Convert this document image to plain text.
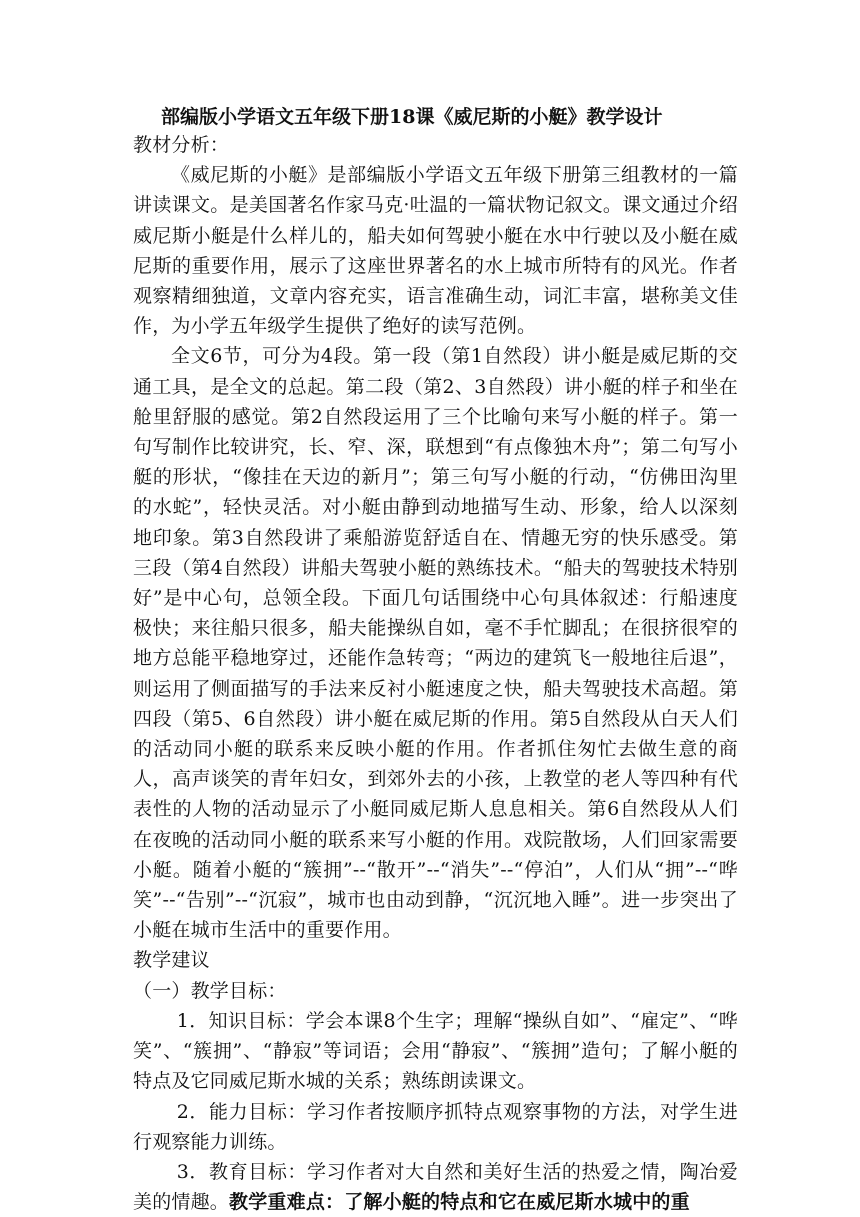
部编版小学语文五年级下册18课《威尼斯的小艇》教学设计

教材分析：

《威尼斯的小艇》是部编版小学语文五年级下册第三组教材的一篇讲读课文。是美国著名作家马克·吐温的一篇状物记叙文。课文通过介绍威尼斯小艇是什么样儿的，船夫如何驾驶小艇在水中行驶以及小艇在威尼斯的重要作用，展示了这座世界著名的水上城市所特有的风光。作者观察精细独道，文章内容充实，语言准确生动，词汇丰富，堪称美文佳作，为小学五年级学生提供了绝好的读写范例。

全文6节，可分为4段。第一段（第1自然段）讲小艇是威尼斯的交通工具，是全文的总起。第二段（第2、3自然段）讲小艇的样子和坐在舱里舒服的感觉。第2自然段运用了三个比喻句来写小艇的样子。第一句写制作比较讲究，长、窄、深，联想到“有点像独木舟”；第二句写小艇的形状，“像挂在天边的新月”；第三句写小艇的行动，“仿佛田沟里的水蛇”，轻快灵活。对小艇由静到动地描写生动、形象，给人以深刻地印象。第3自然段讲了乘船游览舒适自在、情趣无穷的快乐感受。第三段（第4自然段）讲船夫驾驶小艇的熟练技术。“船夫的驾驶技术特别好”是中心句，总领全段。下面几句话围绕中心句具体叙述：行船速度极快；来往船只很多，船夫能操纵自如，毫不手忙脚乱；在很挤很窄的地方总能平稳地穿过，还能作急转弯；“两边的建筑飞一般地往后退”，则运用了侧面描写的手法来反衬小艇速度之快，船夫驾驶技术高超。第四段（第5、6自然段）讲小艇在威尼斯的作用。第5自然段从白天人们的活动同小艇的联系来反映小艇的作用。作者抓住匆忙去做生意的商人，高声谈笑的青年妇女，到郊外去的小孩，上教堂的老人等四种有代表性的人物的活动显示了小艇同威尼斯人息息相关。第6自然段从人们在夜晚的活动同小艇的联系来写小艇的作用。戏院散场，人们回家需要小艇。随着小艇的“簇拥”--“散开”--“消失”--“停泊”，人们从“拥”--“哗笑”--“告别”--“沉寂”，城市也由动到静，“沉沉地入睡”。进一步突出了小艇在城市生活中的重要作用。

教学建议

（一）教学目标：

1．知识目标：学会本课8个生字；理解“操纵自如”、“雇定”、“哗笑”、“簇拥”、“静寂”等词语；会用“静寂”、“簇拥”造句；了解小艇的特点及它同威尼斯水城的关系；熟练朗读课文。

2．能力目标：学习作者按顺序抓特点观察事物的方法，对学生进行观察能力训练。

3．教育目标：学习作者对大自然和美好生活的热爱之情，陶冶爱美的情趣。教学重难点：了解小艇的特点和它在威尼斯水城中的重
